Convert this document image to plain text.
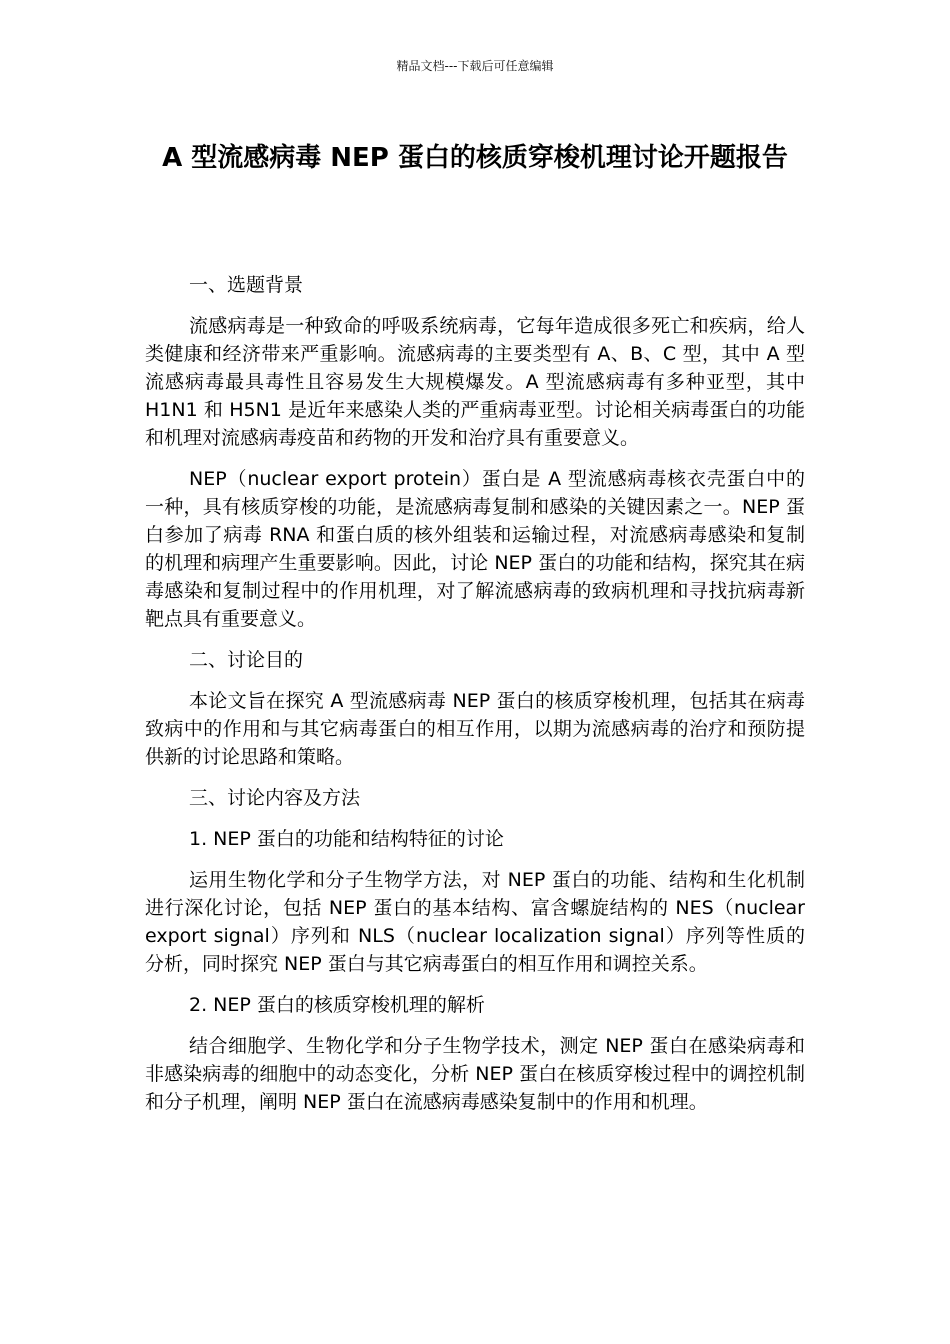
精品文档---下载后可任意编辑
A 型流感病毒 NEP 蛋白的核质穿梭机理讨论开题报告

一、选题背景

流感病毒是一种致命的呼吸系统病毒，它每年造成很多死亡和疾病，给人类健康和经济带来严重影响。流感病毒的主要类型有 A、B、C 型，其中 A 型流感病毒最具毒性且容易发生大规模爆发。A 型流感病毒有多种亚型，其中 H1N1 和 H5N1 是近年来感染人类的严重病毒亚型。讨论相关病毒蛋白的功能和机理对流感病毒疫苗和药物的开发和治疗具有重要意义。

NEP（nuclear export protein）蛋白是 A 型流感病毒核衣壳蛋白中的一种，具有核质穿梭的功能，是流感病毒复制和感染的关键因素之一。NEP 蛋白参加了病毒 RNA 和蛋白质的核外组装和运输过程，对流感病毒感染和复制的机理和病理产生重要影响。因此，讨论 NEP 蛋白的功能和结构，探究其在病毒感染和复制过程中的作用机理，对了解流感病毒的致病机理和寻找抗病毒新靶点具有重要意义。

二、讨论目的

本论文旨在探究 A 型流感病毒 NEP 蛋白的核质穿梭机理，包括其在病毒致病中的作用和与其它病毒蛋白的相互作用，以期为流感病毒的治疗和预防提供新的讨论思路和策略。

三、讨论内容及方法

1. NEP 蛋白的功能和结构特征的讨论

运用生物化学和分子生物学方法，对 NEP 蛋白的功能、结构和生化机制进行深化讨论，包括 NEP 蛋白的基本结构、富含螺旋结构的 NES（nuclear export signal）序列和 NLS（nuclear localization signal）序列等性质的分析，同时探究 NEP 蛋白与其它病毒蛋白的相互作用和调控关系。

2. NEP 蛋白的核质穿梭机理的解析

结合细胞学、生物化学和分子生物学技术，测定 NEP 蛋白在感染病毒和非感染病毒的细胞中的动态变化，分析 NEP 蛋白在核质穿梭过程中的调控机制和分子机理，阐明 NEP 蛋白在流感病毒感染复制中的作用和机理。
